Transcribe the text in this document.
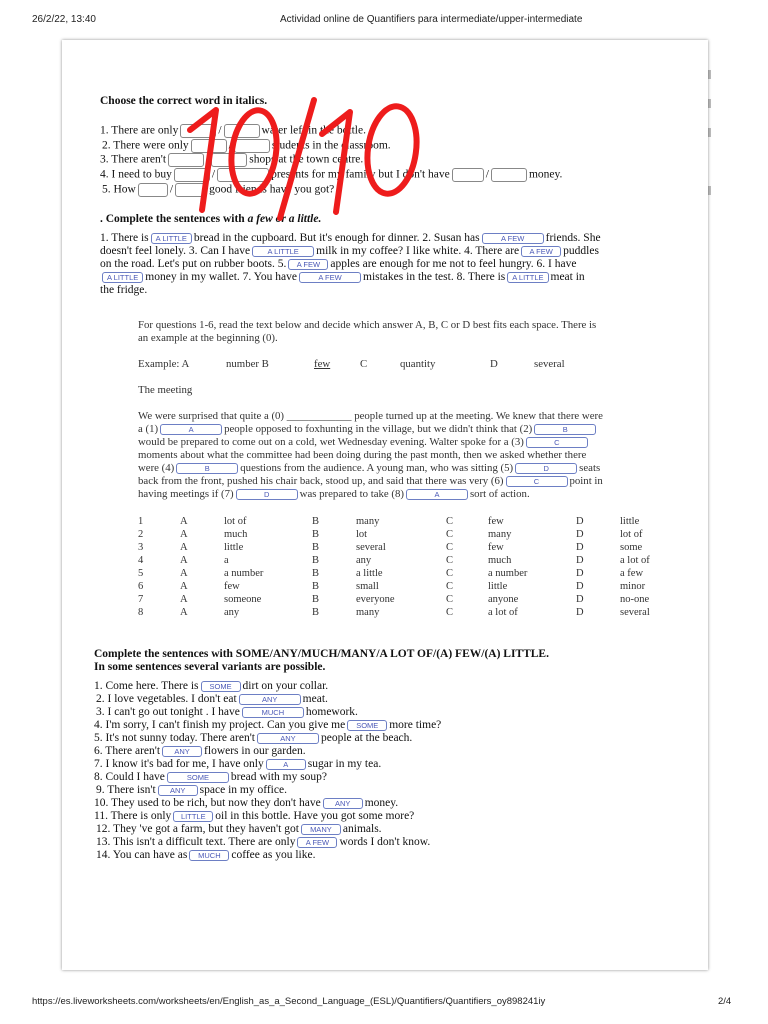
26/2/22, 13:40	Actividad online de Quantifiers para intermediate/upper-intermediate
https://es.liveworksheets.com/worksheets/en/English_as_a_Second_Language_(ESL)/Quantifiers/Quantifiers_oy898241iy	2/4
Choose the correct word in italics.
1. There are only	/	water left in the bottle.
2. There were only	/	students in the classroom.
3. There aren't	/	shops at the town centre.
4. I need to buy	/	presents for my family but I don't have	/	money.
5. How	/	good friends have you got?
. Complete the sentences with a few or a little.
1. There is A LITTLE bread in the cupboard. But it's enough for dinner. 2. Susan has	A FEW friends. She
doesn't feel lonely. 3. Can I have A LITTLE milk in my coffee? I like white. 4. There are A FEW puddles
on the road. Let's put on rubber boots. 5. A FEW apples are enough for me not to feel hungry. 6. I have
A LITTLE money in my wallet. 7. You have	A FEW mistakes in the test. 8. There is A LITTLE meat in
the fridge.
For questions 1-6, read the text below and decide which answer A, B, C or D best fits each space. There is
an example at the beginning (0).
Example: A	number B	few	C	quantity	D	several
The meeting
We were surprised that quite a (0) ____________ people turned up at the meeting. We knew that there were
a (1)	A	people opposed to foxhunting in the village, but we didn't think that (2)	B
would be prepared to come out on a cold, wet Wednesday evening. Walter spoke for a (3)	C
moments about what the committee had been doing during the past month, then we asked whether there
were (4)	B	questions from the audience. A young man, who was sitting (5)	D	seats
back from the front, pushed his chair back, stood up, and said that there was very (6)	C	point in
having meetings if (7)	D	was prepared to take (8)	A	sort of action.
1	A	lot of	B	many	C	few	D	little
2	A	much	B	lot	C	many	D	lot of
3	A	little	B	several	C	few	D	some
4	A	a	B	any	C	much	D	a lot of
5	A	a number	B	a little	C	a number	D	a few
6	A	few	B	small	C	little	D	minor
7	A	someone	B	everyone	C	anyone	D	no-one
8	A	any	B	many	C	a lot of	D	several
Complete the sentences with SOME/ANY/MUCH/MANY/A LOT OF/(A) FEW/(A) LITTLE.
In some sentences several variants are possible.
1. Come here. There is SOME dirt on your collar.
2. I love vegetables. I don't eat	ANY meat.
3. I can't go out tonight . I have	MUCH homework.
4. I'm sorry, I can't finish my project. Can you give me SOME more time?
5. It's not sunny today. There aren't	ANY people at the beach.
6. There aren't ANY flowers in our garden.
7. I know it's bad for me, I have only	A sugar in my tea.
8. Could I have	SOME bread with my soup?
9. There isn't ANY space in my office.
10. They used to be rich, but now they don't have ANY money.
11. There is only LITTLE oil in this bottle. Have you got some more?
12. They 've got a farm, but they haven't got MANY animals.
13. This isn't a difficult text. There are only A FEW words I don't know.
14. You can have as MUCH coffee as you like.
10/10
